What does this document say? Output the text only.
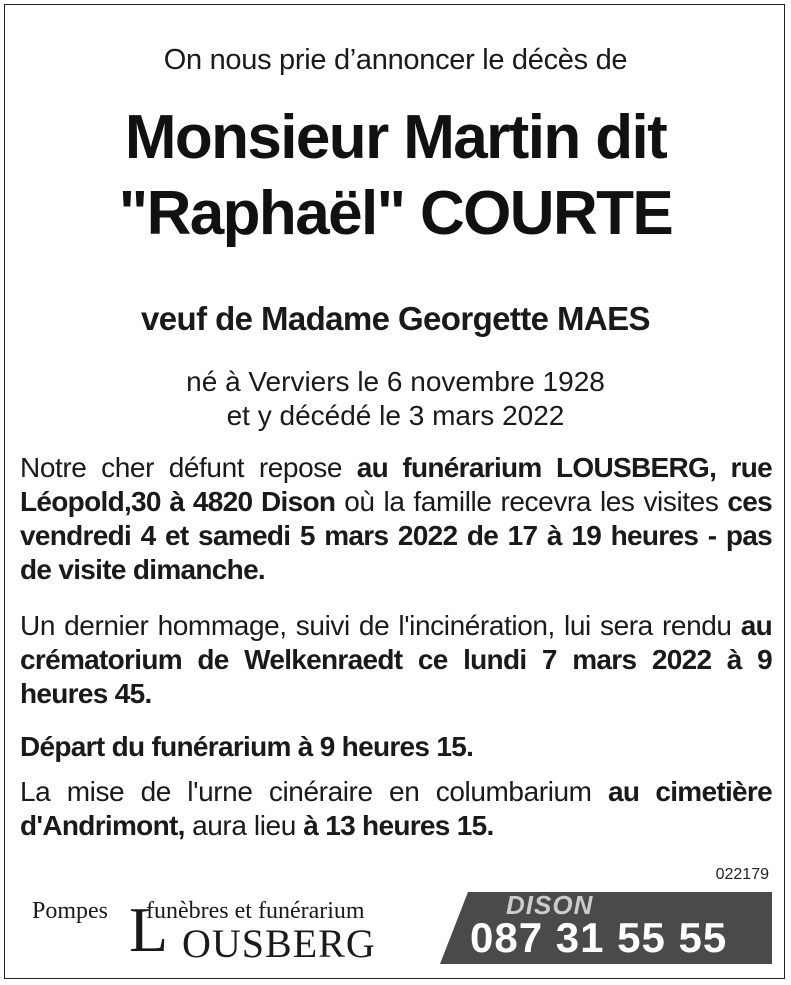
On nous prie d’annoncer le décès de
Monsieur Martin dit
"Raphaël" COURTE
veuf de Madame Georgette MAES
né à Verviers le 6 novembre 1928
et y décédé le 3 mars 2022
Notre cher défunt repose au funérarium LOUSBERG, rue Léopold,30 à 4820 Dison où la famille recevra les visites ces vendredi 4 et samedi 5 mars 2022 de 17 à 19 heures - pas de visite dimanche.
Un dernier hommage, suivi de l'incinération, lui sera rendu au crématorium de Welkenraedt ce lundi 7 mars 2022 à 9 heures 45.
Départ du funérarium à 9 heures 15.
La mise de l'urne cinéraire en columbarium au cimetière d'Andrimont, aura lieu à 13 heures 15.
022179
Pompes L
funèbres et funérarium
OUSBERG
DISON
087 31 55 55
